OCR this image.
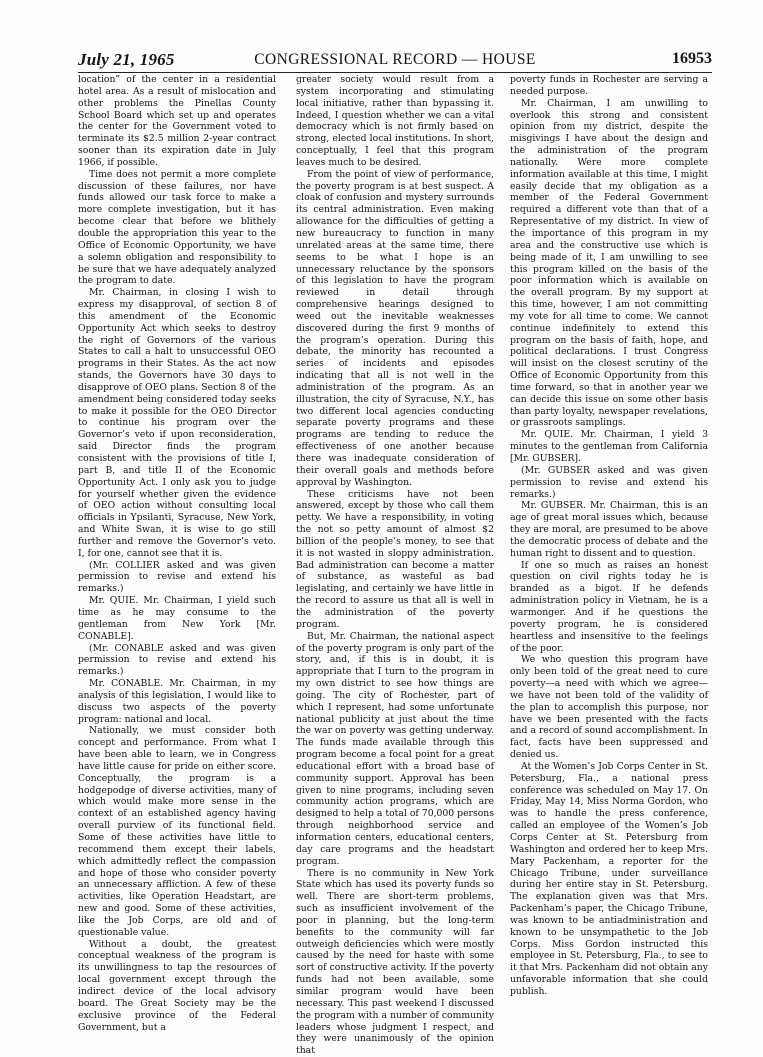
July 21, 1965	CONGRESSIONAL RECORD — HOUSE	16953

location” of the center in a residential hotel area. As a result of mislocation and other problems the Pinellas County School Board which set up and operates the center for the Government voted to terminate its $2.5 million 2-year contract sooner than its expiration date in July 1966, if possible.

Time does not permit a more complete discussion of these failures, nor have funds allowed our task force to make a more complete investigation, but it has become clear that before we blithely double the appropriation this year to the Office of Economic Opportunity, we have a solemn obligation and responsibility to be sure that we have adequately analyzed the program to date.

Mr. Chairman, in closing I wish to express my disapproval, of section 8 of this amendment of the Economic Opportunity Act which seeks to destroy the right of Governors of the various States to call a halt to unsuccessful OEO programs in their States. As the act now stands, the Governors have 30 days to disapprove of OEO plans. Section 8 of the amendment being considered today seeks to make it possible for the OEO Director to continue his program over the Governor’s veto if upon reconsideration, said Director finds the program consistent with the provisions of title I, part B, and title II of the Economic Opportunity Act. I only ask you to judge for yourself whether given the evidence of OEO action without consulting local officials in Ypsilanti, Syracuse, New York, and White Swan, it is wise to go still further and remove the Governor’s veto. I, for one, cannot see that it is.

(Mr. COLLIER asked and was given permission to revise and extend his remarks.)

Mr. QUIE. Mr. Chairman, I yield such time as he may consume to the gentleman from New York [Mr. CONABLE].

(Mr. CONABLE asked and was given permission to revise and extend his remarks.)

Mr. CONABLE. Mr. Chairman, in my analysis of this legislation, I would like to discuss two aspects of the poverty program: national and local.

Nationally, we must consider both concept and performance. From what I have been able to learn, we in Congress have little cause for pride on either score. Conceptually, the program is a hodgepodge of diverse activities, many of which would make more sense in the context of an established agency having overall purview of its functional field. Some of these activities have little to recommend them except their labels, which admittedly reflect the compassion and hope of those who consider poverty an unnecessary affliction. A few of these activities, like Operation Headstart, are new and good. Some of these activities, like the Job Corps, are old and of questionable value.

Without a doubt, the greatest conceptual weakness of the program is its unwillingness to tap the resources of local government except through the indirect device of the local advisory board. The Great Society may be the exclusive province of the Federal Government, but a

greater society would result from a system incorporating and stimulating local initiative, rather than bypassing it. Indeed, I question whether we can a vital democracy which is not firmly based on strong, elected local institutions. In short, conceptually, I feel that this program leaves much to be desired.

From the point of view of performance, the poverty program is at best suspect. A cloak of confusion and mystery surrounds its central administration. Even making allowance for the difficulties of getting a new bureaucracy to function in many unrelated areas at the same time, there seems to be what I hope is an unnecessary reluctance by the sponsors of this legislation to have the program reviewed in detail through comprehensive hearings designed to weed out the inevitable weaknesses discovered during the first 9 months of the program’s operation. During this debate, the minority has recounted a series of incidents and episodes indicating that all is not well in the administration of the program. As an illustration, the city of Syracuse, N.Y., has two different local agencies conducting separate poverty programs and these programs are tending to reduce the effectiveness of one another because there was inadequate consideration of their overall goals and methods before approval by Washington.

These criticisms have not been answered, except by those who call them petty. We have a responsibility, in voting the not so petty amount of almost $2 billion of the people’s money, to see that it is not wasted in sloppy administration. Bad administration can become a matter of substance, as wasteful as bad legislating, and certainly we have little in the record to assure us that all is well in the administration of the poverty program.

But, Mr. Chairman, the national aspect of the poverty program is only part of the story, and, if this is in doubt, it is appropriate that I turn to the program in my own district to see how things are going. The city of Rochester, part of which I represent, had some unfortunate national publicity at just about the time the war on poverty was getting underway. The funds made available through this program become a focal point for a great educational effort with a broad base of community support. Approval has been given to nine programs, including seven community action programs, which are designed to help a total of 70,000 persons through neighborhood service and information centers, educational centers, day care programs and the headstart program.

There is no community in New York State which has used its poverty funds so well. There are short-term problems, such as insufficient involvement of the poor in planning, but the long-term benefits to the community will far outweigh deficiencies which were mostly caused by the need for haste with some sort of constructive activity. If the poverty funds had not been available, some similar program would have been necessary. This past weekend I discussed the program with a number of community leaders whose judgment I respect, and they were unanimously of the opinion that

poverty funds in Rochester are serving a needed purpose.

Mr. Chairman, I am unwilling to overlook this strong and consistent opinion from my district, despite the misgivings I have about the design and the administration of the program nationally. Were more complete information available at this time, I might easily decide that my obligation as a member of the Federal Government required a different vote than that of a Representative of my district. In view of the importance of this program in my area and the constructive use which is being made of it, I am unwilling to see this program killed on the basis of the poor information which is available on the overall program. By my support at this time, however, I am not committing my vote for all time to come. We cannot continue indefinitely to extend this program on the basis of faith, hope, and political declarations. I trust Congress will insist on the closest scrutiny of the Office of Economic Opportunity from this time forward, so that in another year we can decide this issue on some other basis than party loyalty, newspaper revelations, or grassroots samplings.

Mr. QUIE. Mr. Chairman, I yield 3 minutes to the gentleman from California [Mr. GUBSER].

(Mr. GUBSER asked and was given permission to revise and extend his remarks.)

Mr. GUBSER. Mr. Chairman, this is an age of great moral issues which, because they are moral, are presumed to be above the democratic process of debate and the human right to dissent and to question.

If one so much as raises an honest question on civil rights today he is branded as a bigot. If he defends administration policy in Vietnam, he is a warmonger. And if he questions the poverty program, he is considered heartless and insensitive to the feelings of the poor.

We who question this program have only been told of the great need to cure poverty—a need with which we agree—we have not been told of the validity of the plan to accomplish this purpose, nor have we been presented with the facts and a record of sound accomplishment. In fact, facts have been suppressed and denied us.

At the Women’s Job Corps Center in St. Petersburg, Fla., a national press conference was scheduled on May 17. On Friday, May 14, Miss Norma Gordon, who was to handle the press conference, called an employee of the Women’s Job Corps Center at St. Petersburg from Washington and ordered her to keep Mrs. Mary Packenham, a reporter for the Chicago Tribune, under surveillance during her entire stay in St. Petersburg. The explanation given was that Mrs. Packenham’s paper, the Chicago Tribune, was known to be antiadministration and known to be unsympathetic to the Job Corps. Miss Gordon instructed this employee in St. Petersburg, Fla., to see to it that Mrs. Packenham did not obtain any unfavorable information that she could publish.
